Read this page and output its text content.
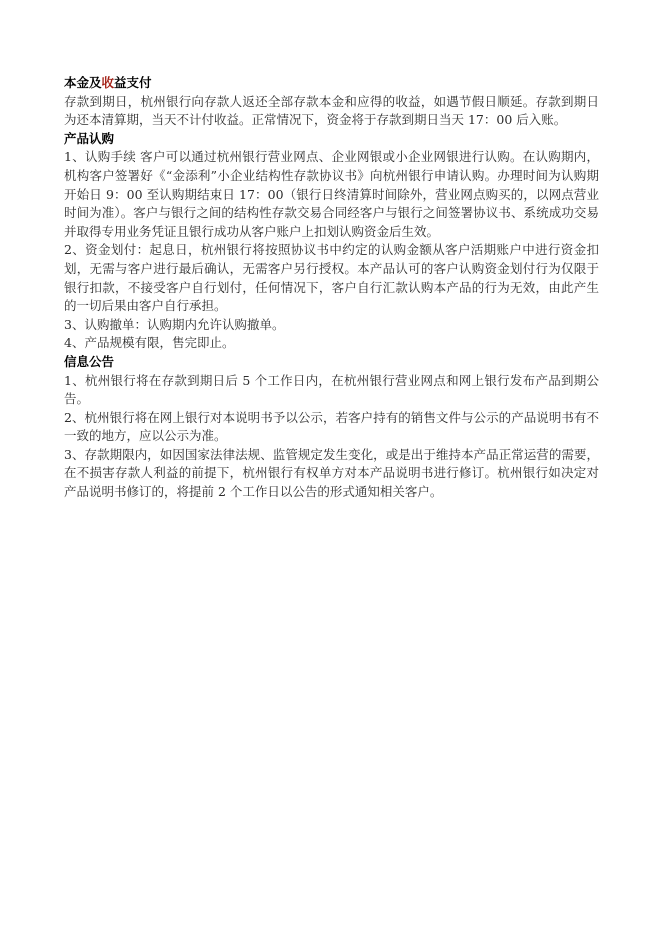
本金及收益支付

存款到期日，杭州银行向存款人返还全部存款本金和应得的收益，如遇节假日顺延。存款到期日为还本清算期，当天不计付收益。正常情况下，资金将于存款到期日当天 17：00 后入账。

产品认购

1、认购手续 客户可以通过杭州银行营业网点、企业网银或小企业网银进行认购。在认购期内，机构客户签署好《“金添利”小企业结构性存款协议书》向杭州银行申请认购。办理时间为认购期开始日 9：00 至认购期结束日 17：00（银行日终清算时间除外，营业网点购买的，以网点营业时间为准）。客户与银行之间的结构性存款交易合同经客户与银行之间签署协议书、系统成功交易并取得专用业务凭证且银行成功从客户账户上扣划认购资金后生效。

2、资金划付：起息日，杭州银行将按照协议书中约定的认购金额从客户活期账户中进行资金扣划，无需与客户进行最后确认，无需客户另行授权。本产品认可的客户认购资金划付行为仅限于银行扣款，不接受客户自行划付，任何情况下，客户自行汇款认购本产品的行为无效，由此产生的一切后果由客户自行承担。

3、认购撤单：认购期内允许认购撤单。

4、产品规模有限，售完即止。

信息公告

1、杭州银行将在存款到期日后 5 个工作日内，在杭州银行营业网点和网上银行发布产品到期公告。

2、杭州银行将在网上银行对本说明书予以公示，若客户持有的销售文件与公示的产品说明书有不一致的地方，应以公示为准。

3、存款期限内，如因国家法律法规、监管规定发生变化，或是出于维持本产品正常运营的需要，在不损害存款人利益的前提下，杭州银行有权单方对本产品说明书进行修订。杭州银行如决定对产品说明书修订的，将提前 2 个工作日以公告的形式通知相关客户。
